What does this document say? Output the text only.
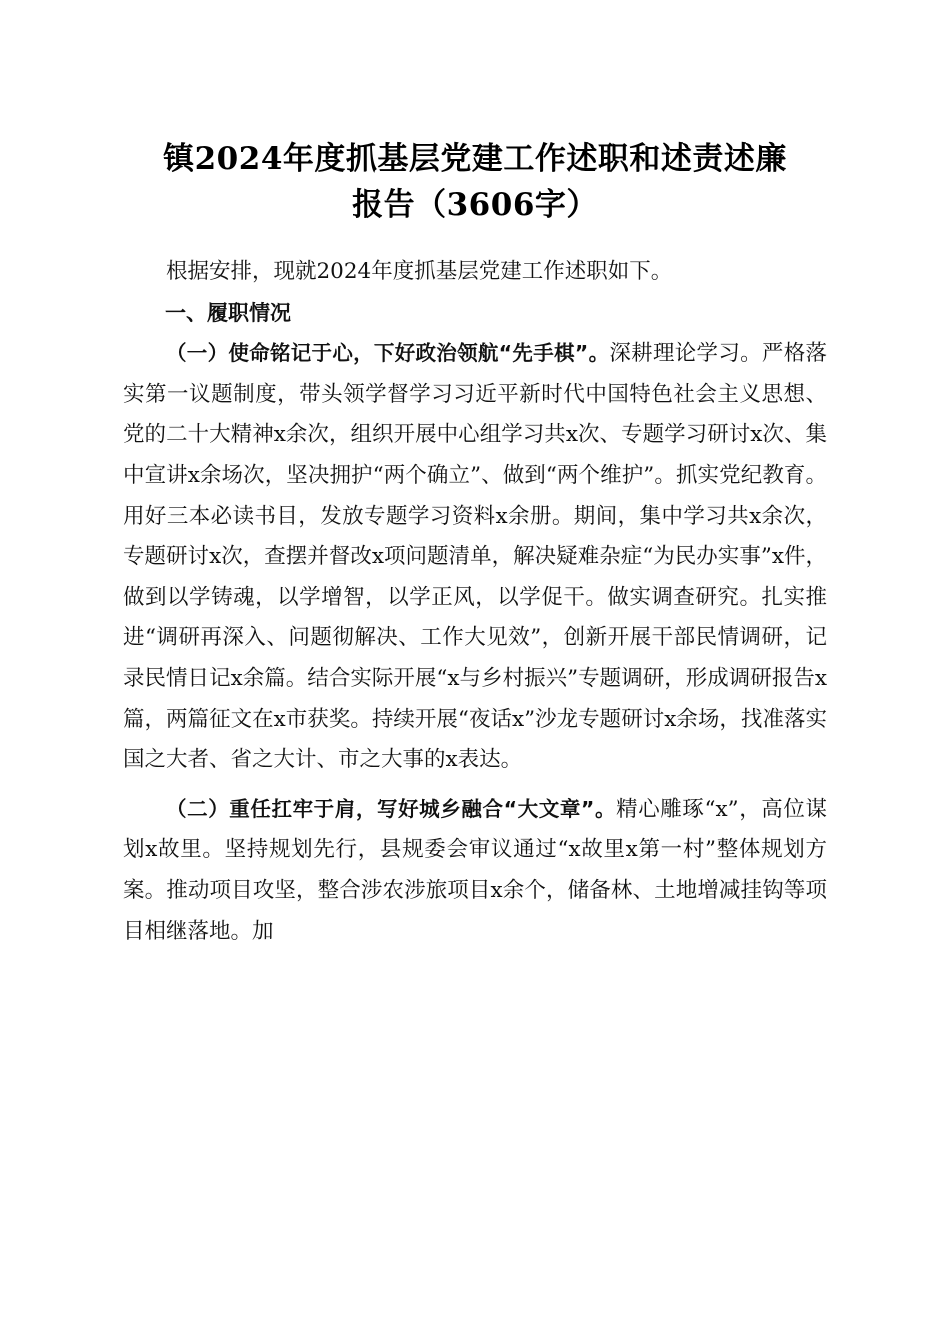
镇2024年度抓基层党建工作述职和述责述廉
报告（3606字）

根据安排，现就2024年度抓基层党建工作述职如下。

一、履职情况

（一）使命铭记于心，下好政治领航“先手棋”。深耕理论学习。严格落实第一议题制度，带头领学督学习习近平新时代中国特色社会主义思想、党的二十大精神x余次，组织开展中心组学习共x次、专题学习研讨x次、集中宣讲x余场次，坚决拥护“两个确立”、做到“两个维护”。抓实党纪教育。用好三本必读书目，发放专题学习资料x余册。期间，集中学习共x余次，专题研讨x次，查摆并督改x项问题清单，解决疑难杂症“为民办实事”x件，做到以学铸魂，以学增智，以学正风，以学促干。做实调查研究。扎实推进“调研再深入、问题彻解决、工作大见效”，创新开展干部民情调研，记录民情日记x余篇。结合实际开展“x与乡村振兴”专题调研，形成调研报告x篇，两篇征文在x市获奖。持续开展“夜话x”沙龙专题研讨x余场，找准落实国之大者、省之大计、市之大事的x表达。

（二）重任扛牢于肩，写好城乡融合“大文章”。精心雕琢“x”，高位谋划x故里。坚持规划先行，县规委会审议通过“x故里x第一村”整体规划方案。推动项目攻坚，整合涉农涉旅项目x余个，储备林、土地增减挂钩等项目相继落地。加
